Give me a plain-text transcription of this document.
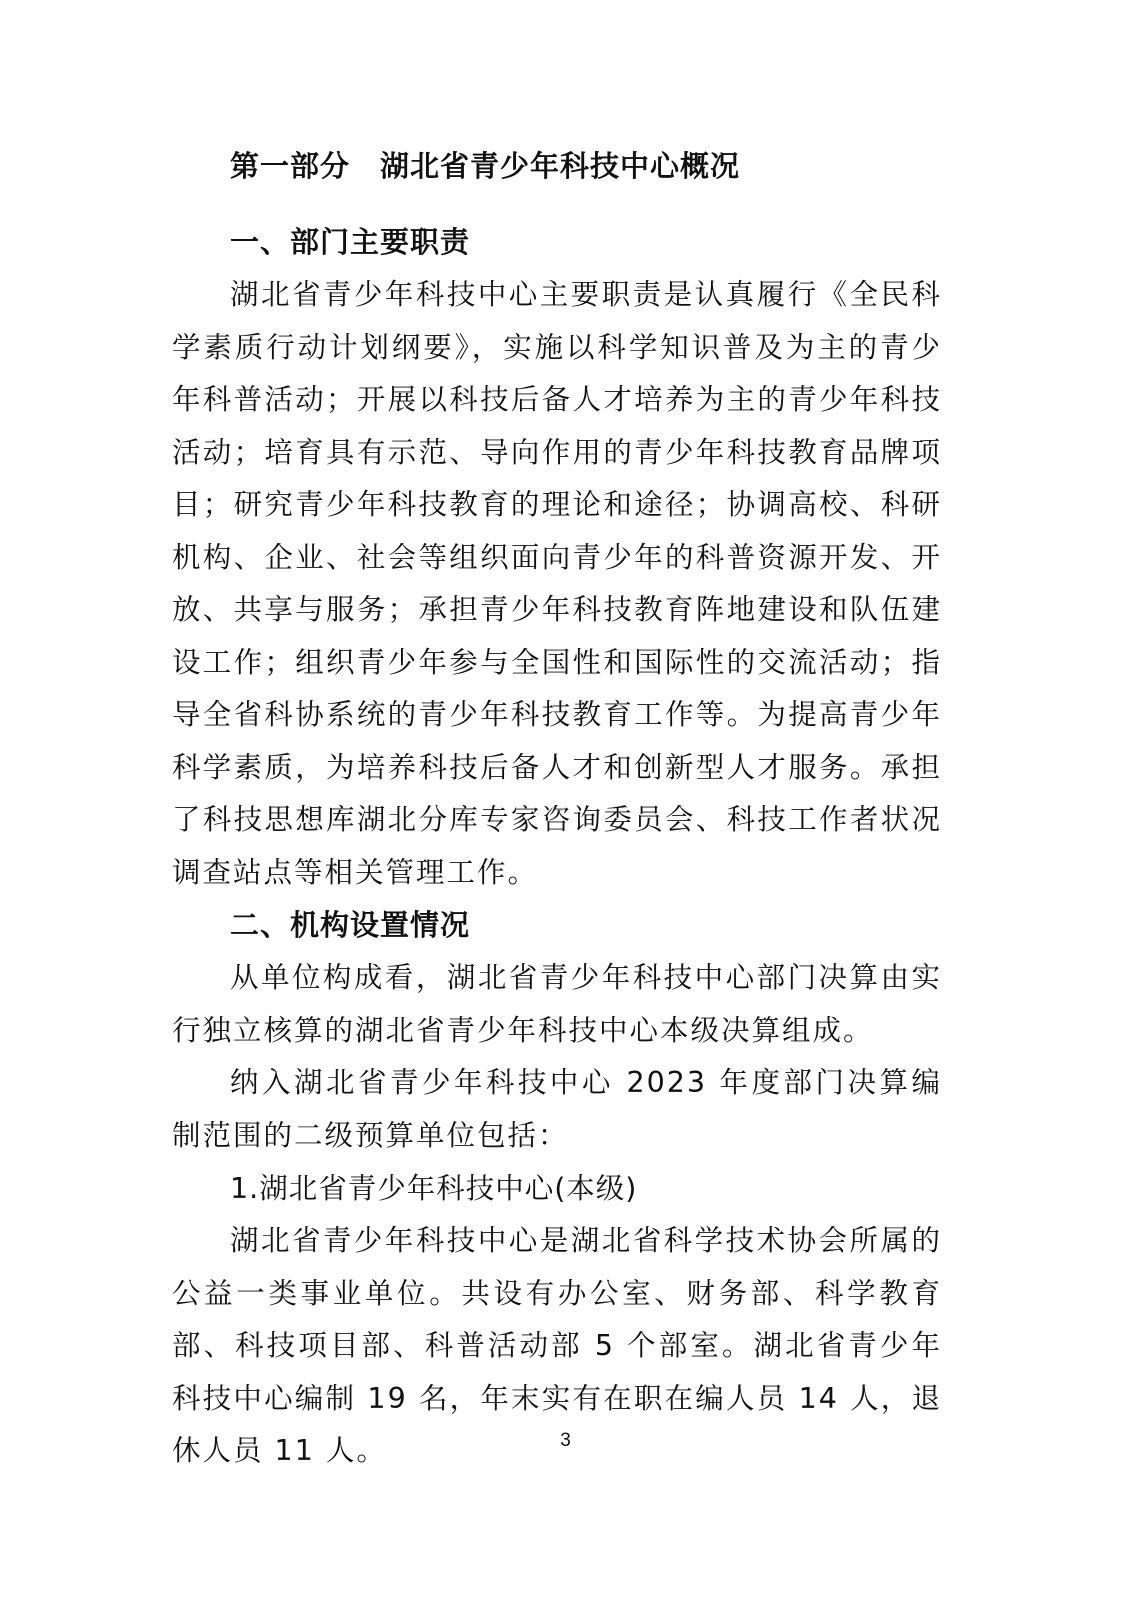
第一部分　湖北省青少年科技中心概况
一、部门主要职责

湖北省青少年科技中心主要职责是认真履行《全民科学素质行动计划纲要》，实施以科学知识普及为主的青少年科普活动；开展以科技后备人才培养为主的青少年科技活动；培育具有示范、导向作用的青少年科技教育品牌项目；研究青少年科技教育的理论和途径；协调高校、科研机构、企业、社会等组织面向青少年的科普资源开发、开放、共享与服务；承担青少年科技教育阵地建设和队伍建设工作；组织青少年参与全国性和国际性的交流活动；指导全省科协系统的青少年科技教育工作等。为提高青少年科学素质，为培养科技后备人才和创新型人才服务。承担了科技思想库湖北分库专家咨询委员会、科技工作者状况调查站点等相关管理工作。

二、机构设置情况

从单位构成看，湖北省青少年科技中心部门决算由实行独立核算的湖北省青少年科技中心本级决算组成。

纳入湖北省青少年科技中心 2023 年度部门决算编制范围的二级预算单位包括：

1.湖北省青少年科技中心(本级)

湖北省青少年科技中心是湖北省科学技术协会所属的公益一类事业单位。共设有办公室、财务部、科学教育部、科技项目部、科普活动部 5 个部室。湖北省青少年科技中心编制 19 名，年末实有在职在编人员 14 人，退休人员 11 人。	3
